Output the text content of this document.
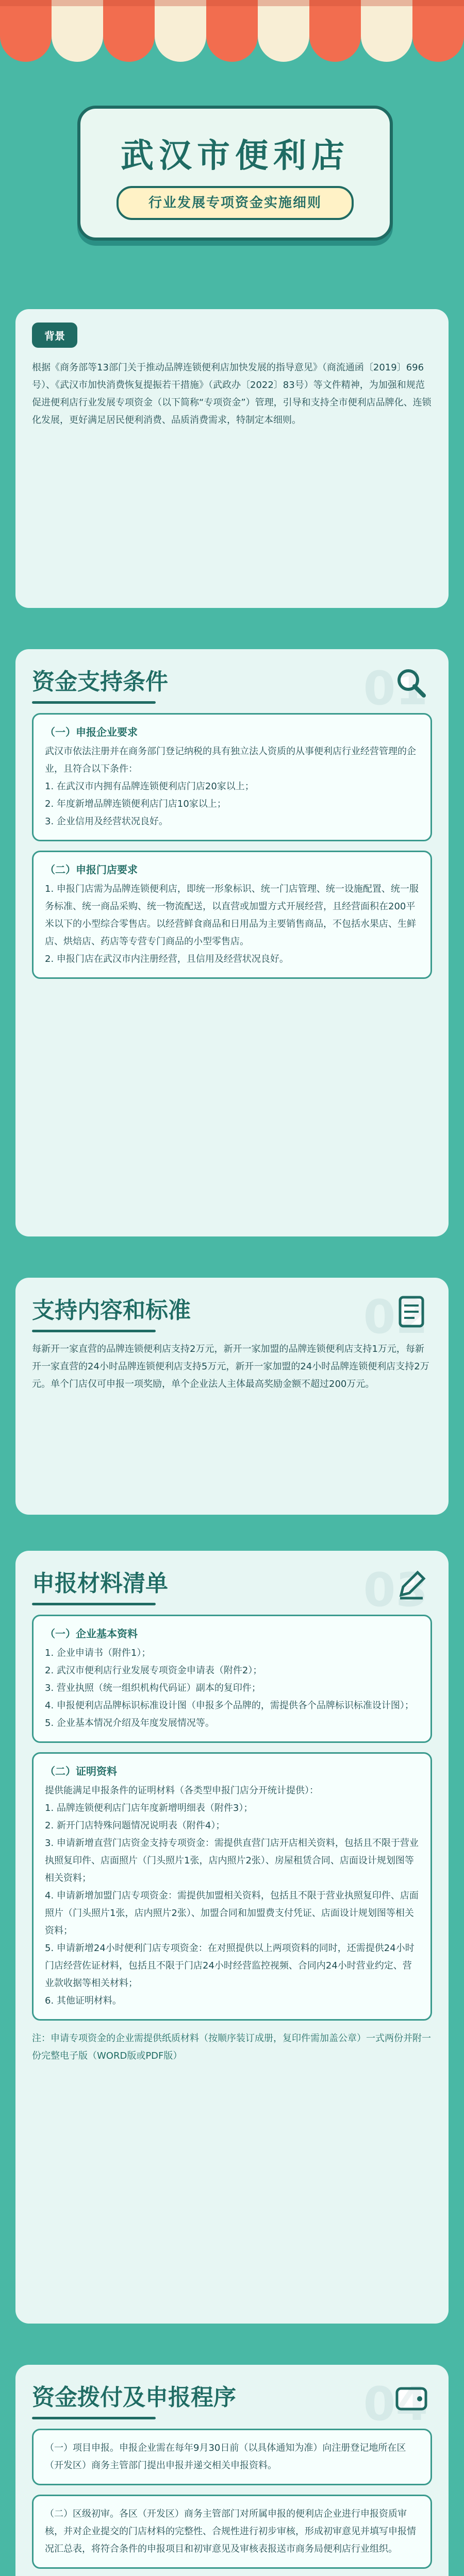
武汉市便利店
行业发展专项资金实施细则
背景
根据《商务部等13部门关于推动品牌连锁便利店加快发展的指导意见》（商流通函〔2019〕696号）、《武汉市加快消费恢复提振若干措施》（武政办〔2022〕83号）等文件精神，为加强和规范促进便利店行业发展专项资金（以下简称“专项资金”）管理，引导和支持全市便利店品牌化、连锁化发展，更好满足居民便利消费、品质消费需求，特制定本细则。
01
资金支持条件
（一）申报企业要求
武汉市依法注册并在商务部门登记纳税的具有独立法人资质的从事便利店行业经营管理的企业，且符合以下条件：
1. 在武汉市内拥有品牌连锁便利店门店20家以上；
2. 年度新增品牌连锁便利店门店10家以上；
3. 企业信用及经营状况良好。
（二）申报门店要求
1. 申报门店需为品牌连锁便利店，即统一形象标识、统一门店管理、统一设施配置、统一服务标准、统一商品采购、统一物流配送，以直营或加盟方式开展经营，且经营面积在200平米以下的小型综合零售店。以经营鲜食商品和日用品为主要销售商品，不包括水果店、生鲜店、烘焙店、药店等专营专门商品的小型零售店。
2. 申报门店在武汉市内注册经营，且信用及经营状况良好。
02
支持内容和标准
每新开一家直营的品牌连锁便利店支持2万元，新开一家加盟的品牌连锁便利店支持1万元，每新开一家直营的24小时品牌连锁便利店支持5万元，新开一家加盟的24小时品牌连锁便利店支持2万元。单个门店仅可申报一项奖励，单个企业法人主体最高奖励金额不超过200万元。
03
申报材料清单
（一）企业基本资料
1. 企业申请书（附件1）；
2. 武汉市便利店行业发展专项资金申请表（附件2）；
3. 营业执照（统一组织机构代码证）副本的复印件；
4. 申报便利店品牌标识标准设计图（申报多个品牌的，需提供各个品牌标识标准设计图）；
5. 企业基本情况介绍及年度发展情况等。
（二）证明资料
提供能满足申报条件的证明材料（各类型申报门店分开统计提供）：
1. 品牌连锁便利店门店年度新增明细表（附件3）；
2. 新开门店特殊问题情况说明表（附件4）；
3. 申请新增直营门店资金支持专项资金：需提供直营门店开店相关资料，包括且不限于营业执照复印件、店面照片（门头照片1张，店内照片2张）、房屋租赁合同、店面设计规划图等相关资料；
4. 申请新增加盟门店专项资金：需提供加盟相关资料，包括且不限于营业执照复印件、店面照片（门头照片1张，店内照片2张）、加盟合同和加盟费支付凭证、店面设计规划图等相关资料；
5. 申请新增24小时便利门店专项资金：在对照提供以上两项资料的同时，还需提供24小时门店经营佐证材料，包括且不限于门店24小时经营监控视频、合同内24小时营业约定、营业款收据等相关材料；
6. 其他证明材料。
注：申请专项资金的企业需提供纸质材料（按顺序装订成册，复印件需加盖公章）一式两份并附一份完整电子版（WORD版或PDF版）
04
资金拨付及申报程序
（一）项目申报。申报企业需在每年9月30日前（以具体通知为准）向注册登记地所在区（开发区）商务主管部门提出申报并递交相关申报资料。
（二）区级初审。各区（开发区）商务主管部门对所属申报的便利店企业进行申报资质审核，并对企业提交的门店材料的完整性、合规性进行初步审核，形成初审意见并填写申报情况汇总表，将符合条件的申报项目和初审意见及审核表报送市商务局便利店行业组织。
